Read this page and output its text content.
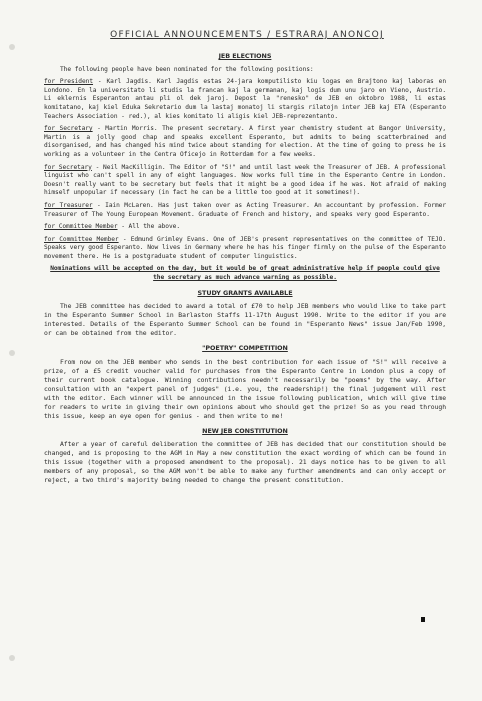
OFFICIAL ANNOUNCEMENTS / ESTRARAJ ANONCOJ
JEB ELECTIONS

The following people have been nominated for the following positions:

for President - Karl Jagdis. Karl Jagdis estas 24-jara komputilisto kiu logas en Brajtono kaj laboras en Londono. En la universitato li studis la francan kaj la germanan, kaj logis dum unu jaro en Vieno, Austrio. Li eklernis Esperanton antau pli ol dek jaroj. Depost la "renesko" de JEB en oktobro 1988, li estas komitatano, kaj kiel Eduka Sekretario dum la lastaj monatoj li stargis rilatojn inter JEB kaj ETA (Esperanto Teachers Association - red.), al kies komitato li aligis kiel JEB-reprezentanto.

for Secretary - Martin Morris. The present secretary. A first year chemistry student at Bangor University, Martin is a jolly good chap and speaks excellent Esperanto, but admits to being scatterbrained and disorganised, and has changed his mind twice about standing for election. At the time of going to press he is working as a volunteer in the Centra Oficejo in Rotterdam for a few weeks.

for Secretary - Neil MacKilligin. The Editor of "S!" and until last week the Treasurer of JEB. A professional linguist who can't spell in any of eight languages. Now works full time in the Esperanto Centre in London. Doesn't really want to be secretary but feels that it might be a good idea if he was. Not afraid of making himself unpopular if necessary (in fact he can be a little too good at it sometimes!).

for Treasurer - Iain McLaren. Has just taken over as Acting Treasurer. An accountant by profession. Former Treasurer of The Young European Movement. Graduate of French and history, and speaks very good Esperanto.

for Committee Member - All the above.

for Committee Member - Edmund Grimley Evans. One of JEB's present representatives on the committee of TEJO. Speaks very good Esperanto. Now lives in Germany where he has his finger firmly on the pulse of the Esperanto movement there. He is a postgraduate student of computer linguistics.

Nominations will be accepted on the day, but it would be of great administrative help if people could give the secretary as much advance warning as possible.

STUDY GRANTS AVAILABLE

The JEB committee has decided to award a total of £70 to help JEB members who would like to take part in the Esperanto Summer School in Barlaston Staffs 11-17th August 1990. Write to the editor if you are interested. Details of the Esperanto Summer School can be found in "Esperanto News" issue Jan/Feb 1990, or can be obtained from the editor.

"POETRY" COMPETITION

From now on the JEB member who sends in the best contribution for each issue of "S!" will receive a prize, of a £5 credit voucher valid for purchases from the Esperanto Centre in London plus a copy of their current book catalogue. Winning contributions needn't necessarily be "poems" by the way. After consultation with an "expert panel of judges" (i.e. you, the readership!) the final judgement will rest with the editor. Each winner will be announced in the issue following publication, which will give time for readers to write in giving their own opinions about who should get the prize! So as you read through this issue, keep an eye open for genius - and then write to me!

NEW JEB CONSTITUTION

After a year of careful deliberation the committee of JEB has decided that our constitution should be changed, and is proposing to the AGM in May a new constitution the exact wording of which can be found in this issue (together with a proposed amendment to the proposal). 21 days notice has to be given to all members of any proposal, so the AGM won't be able to make any further amendments and can only accept or reject, a two third's majority being needed to change the present constitution.
